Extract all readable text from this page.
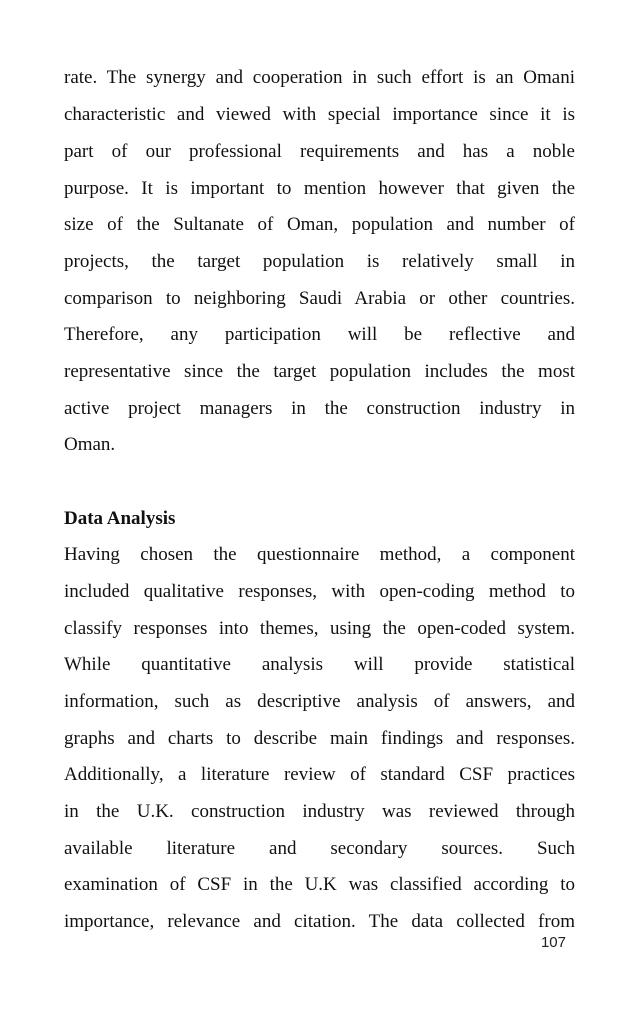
rate. The synergy and cooperation in such effort is an Omani
characteristic and viewed with special importance since it is
part of our professional requirements and has a noble
purpose. It is important to mention however that given the
size of the Sultanate of Oman, population and number of
projects, the target population is relatively small in
comparison to neighboring Saudi Arabia or other countries.
Therefore, any participation will be reflective and
representative since the target population includes the most
active project managers in the construction industry in
Oman.
Data Analysis
Having chosen the questionnaire method, a component
included qualitative responses, with open-coding method to
classify responses into themes, using the open-coded system.
While quantitative analysis will provide statistical
information, such as descriptive analysis of answers, and
graphs and charts to describe main findings and responses.
Additionally, a literature review of standard CSF practices
in the U.K. construction industry was reviewed through
available literature and secondary sources. Such
examination of CSF in the U.K was classified according to
importance, relevance and citation. The data collected from
107
